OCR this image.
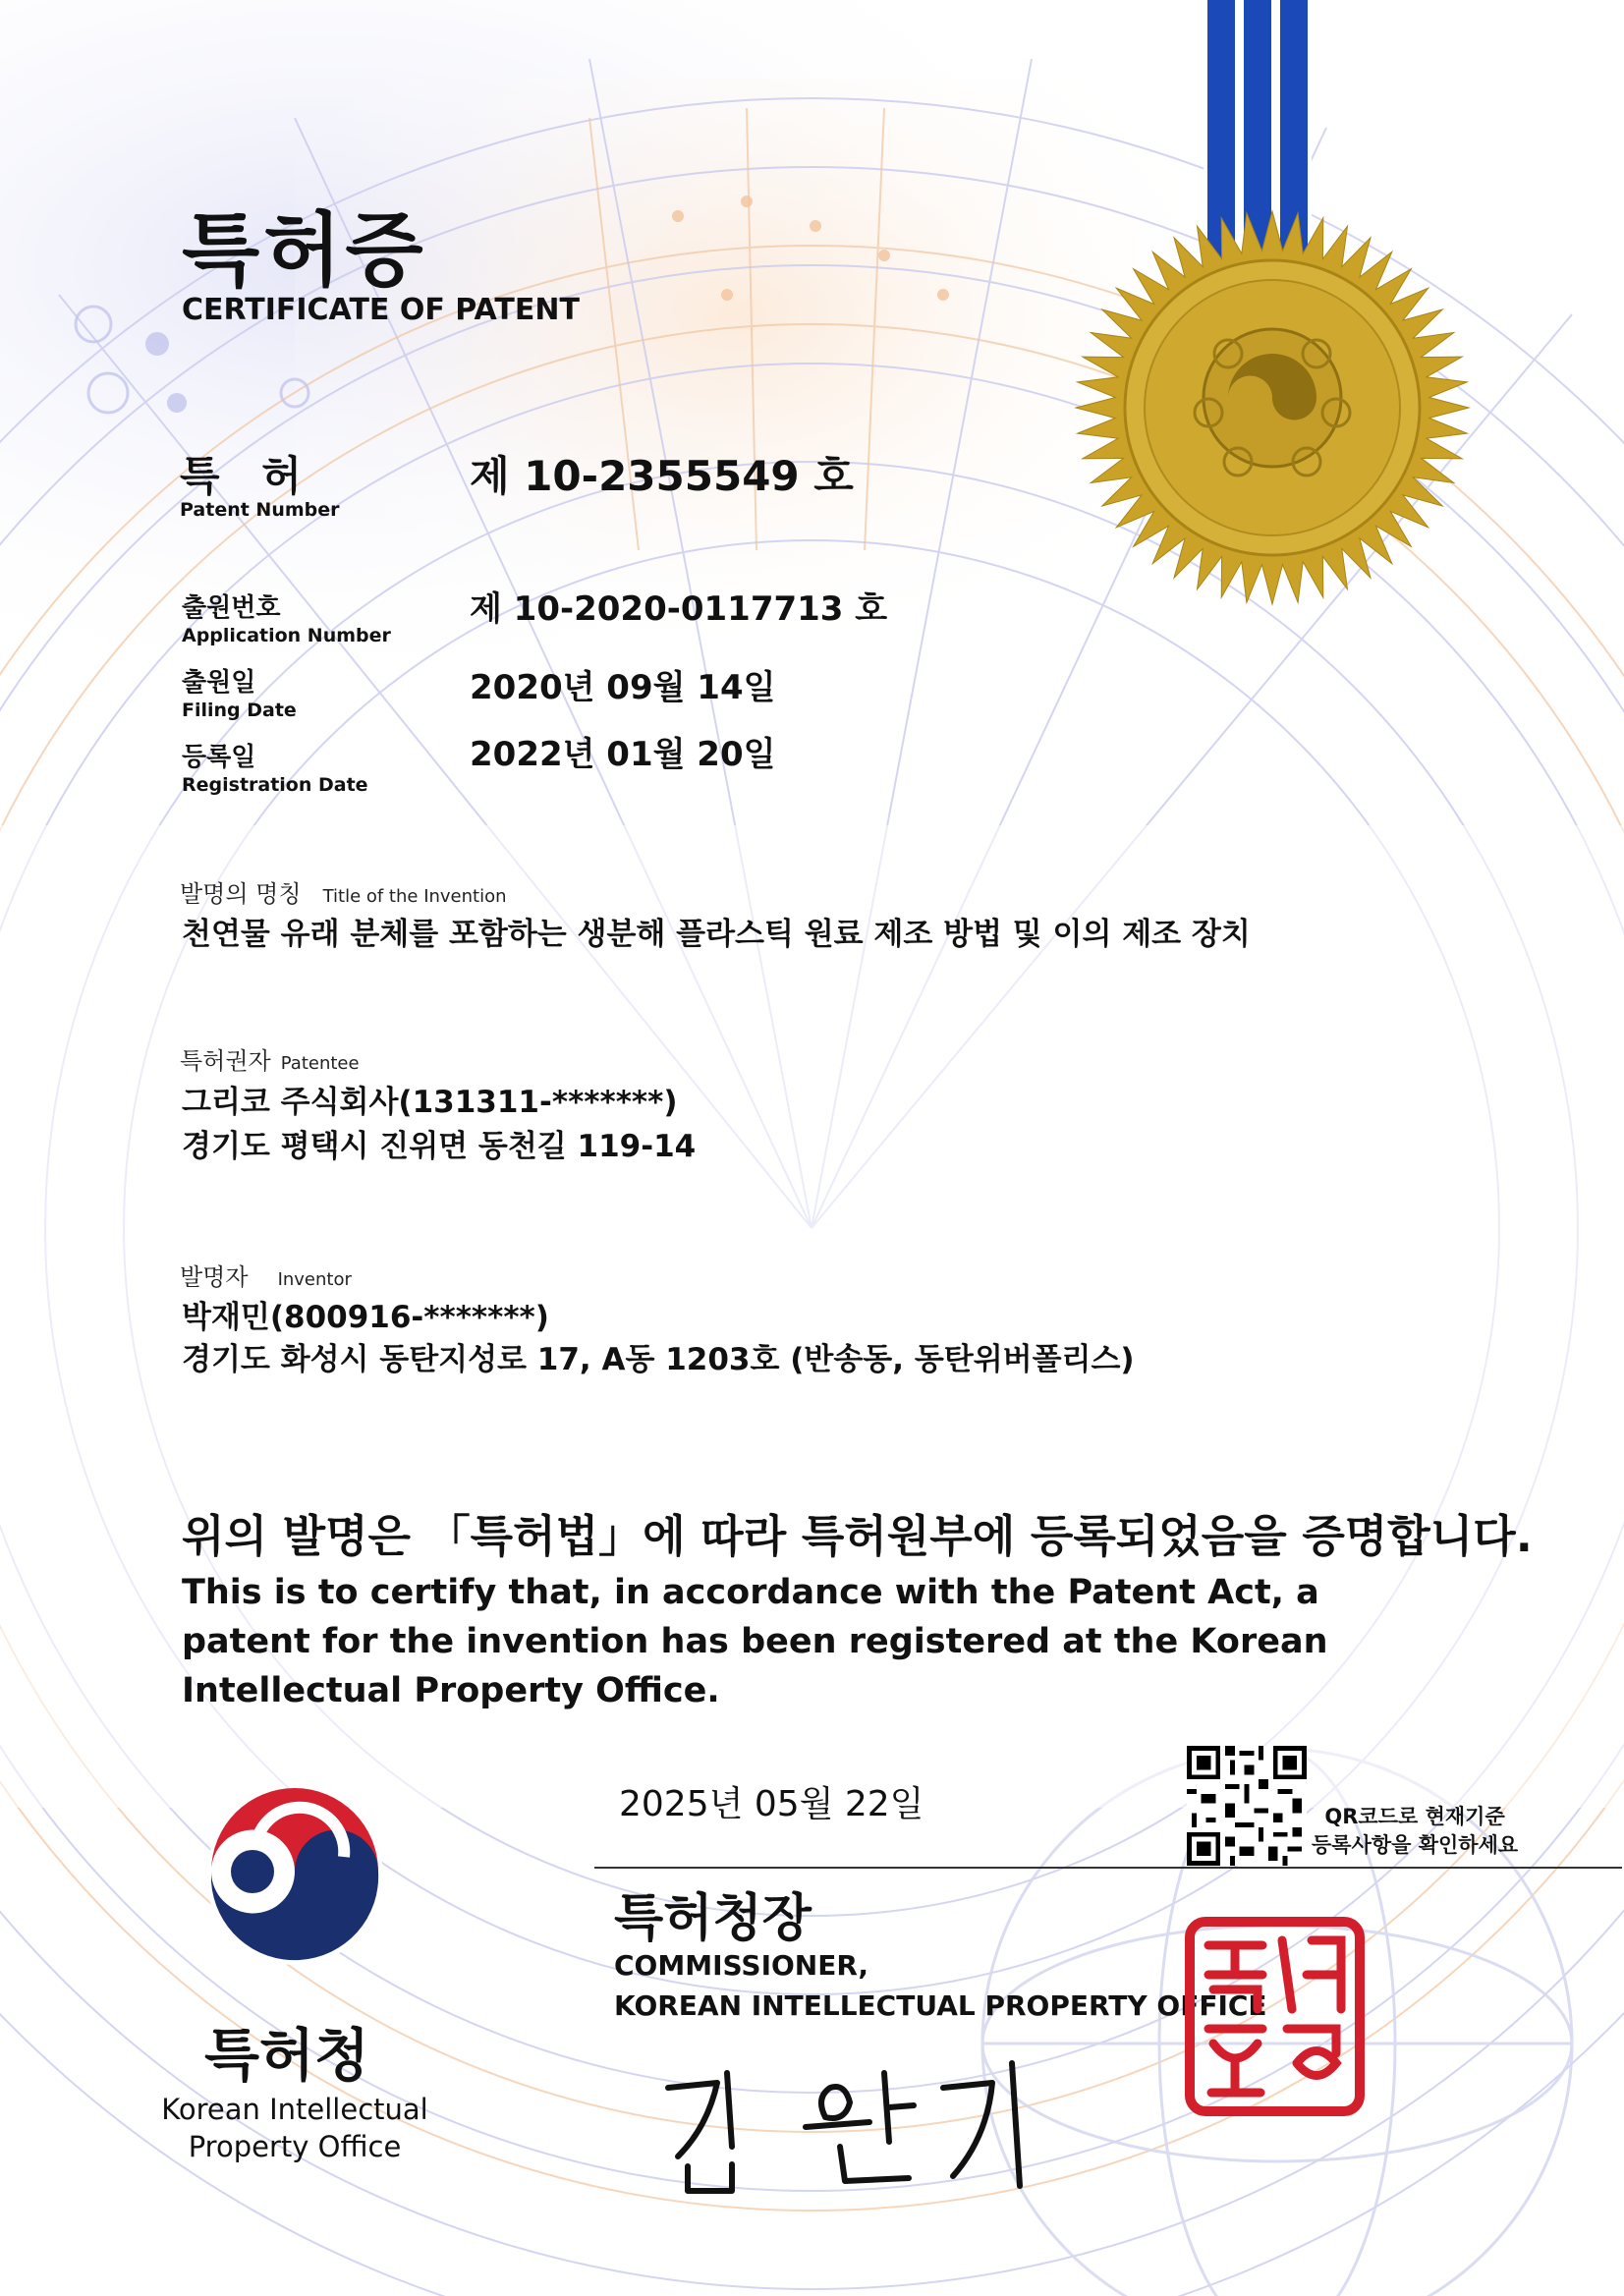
특허증
CERTIFICATE OF PATENT
특 허
Patent Number
제 10-2355549 호
출원번호
Application Number
제 10-2020-0117713 호
출원일
Filing Date
2020년 09월 14일
등록일
Registration Date
2022년 01월 20일
발명의 명칭 Title of the Invention
천연물 유래 분체를 포함하는 생분해 플라스틱 원료 제조 방법 및 이의 제조 장치
특허권자 Patentee
그리코 주식회사(131311-*******)
경기도 평택시 진위면 동천길 119-14
발명자 Inventor
박재민(800916-*******)
경기도 화성시 동탄지성로 17, A동 1203호 (반송동, 동탄위버폴리스)
위의 발명은 「특허법」에 따라 특허원부에 등록되었음을 증명합니다.
This is to certify that, in accordance with the Patent Act, a patent for the invention has been registered at the Korean Intellectual Property Office.
2025년 05월 22일	QR코드로 현재기준
등록사항을 확인하세요
특허청장
COMMISSIONER,
KOREAN INTELLECTUAL PROPERTY OFFICE
특허청
Korean Intellectual
Property Office
